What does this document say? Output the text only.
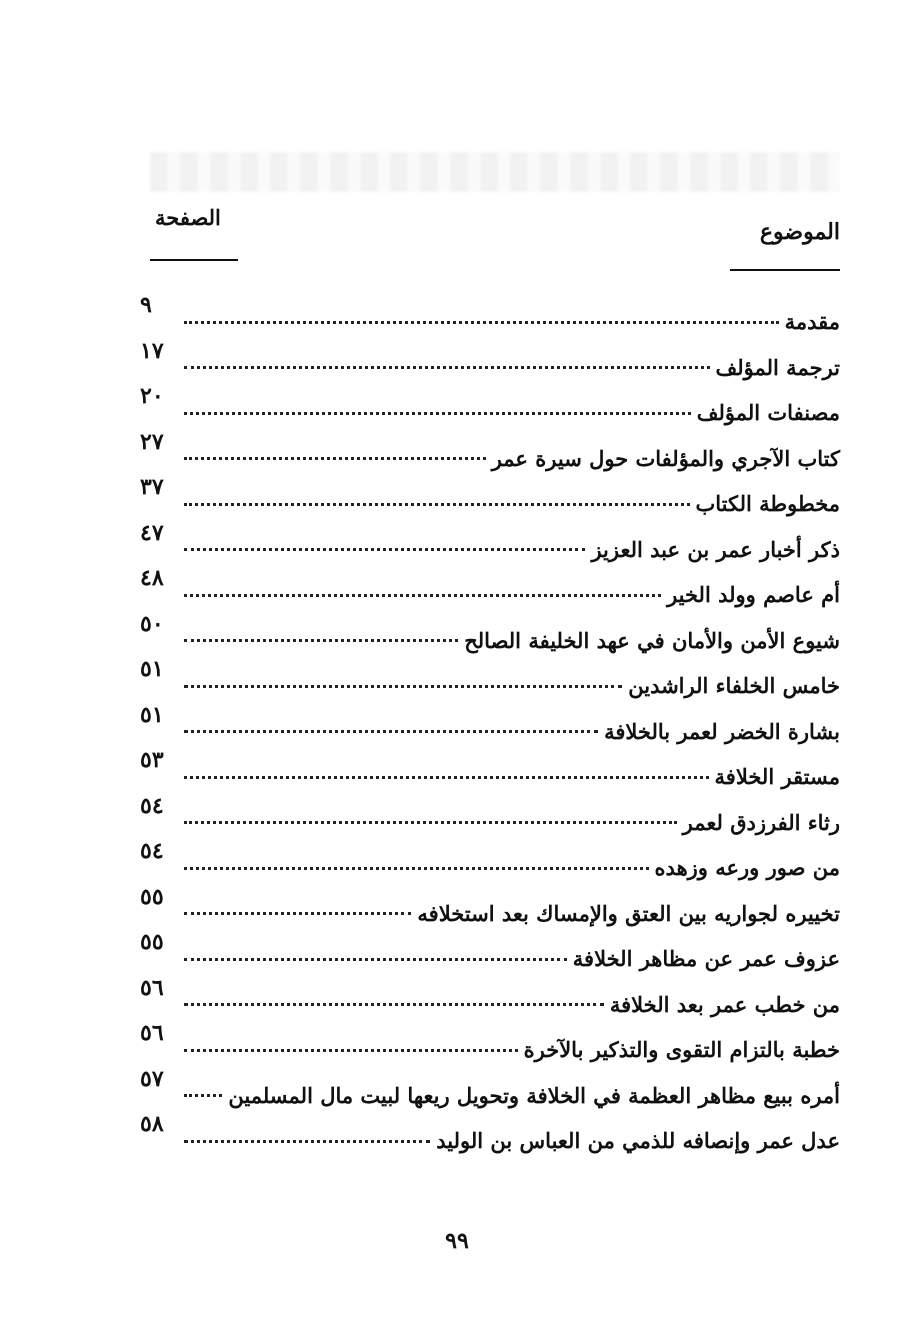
الموضوع
الصفحة
مقدمة
٩
ترجمة المؤلف
١٧
مصنفات المؤلف
٢٠
كتاب الآجري والمؤلفات حول سيرة عمر
٢٧
مخطوطة الكتاب
٣٧
ذكر أخبار عمر بن عبد العزيز
٤٧
أم عاصم وولد الخير
٤٨
شيوع الأمن والأمان في عهد الخليفة الصالح
٥٠
خامس الخلفاء الراشدين
٥١
بشارة الخضر لعمر بالخلافة
٥١
مستقر الخلافة
٥٣
رثاء الفرزدق لعمر
٥٤
من صور ورعه وزهده
٥٤
تخييره لجواريه بين العتق والإمساك بعد استخلافه
٥٥
عزوف عمر عن مظاهر الخلافة
٥٥
من خطب عمر بعد الخلافة
٥٦
خطبة بالتزام التقوى والتذكير بالآخرة
٥٦
أمره ببيع مظاهر العظمة في الخلافة وتحويل ريعها لبيت مال المسلمين
٥٧
عدل عمر وإنصافه للذمي من العباس بن الوليد
٥٨
٩٩
